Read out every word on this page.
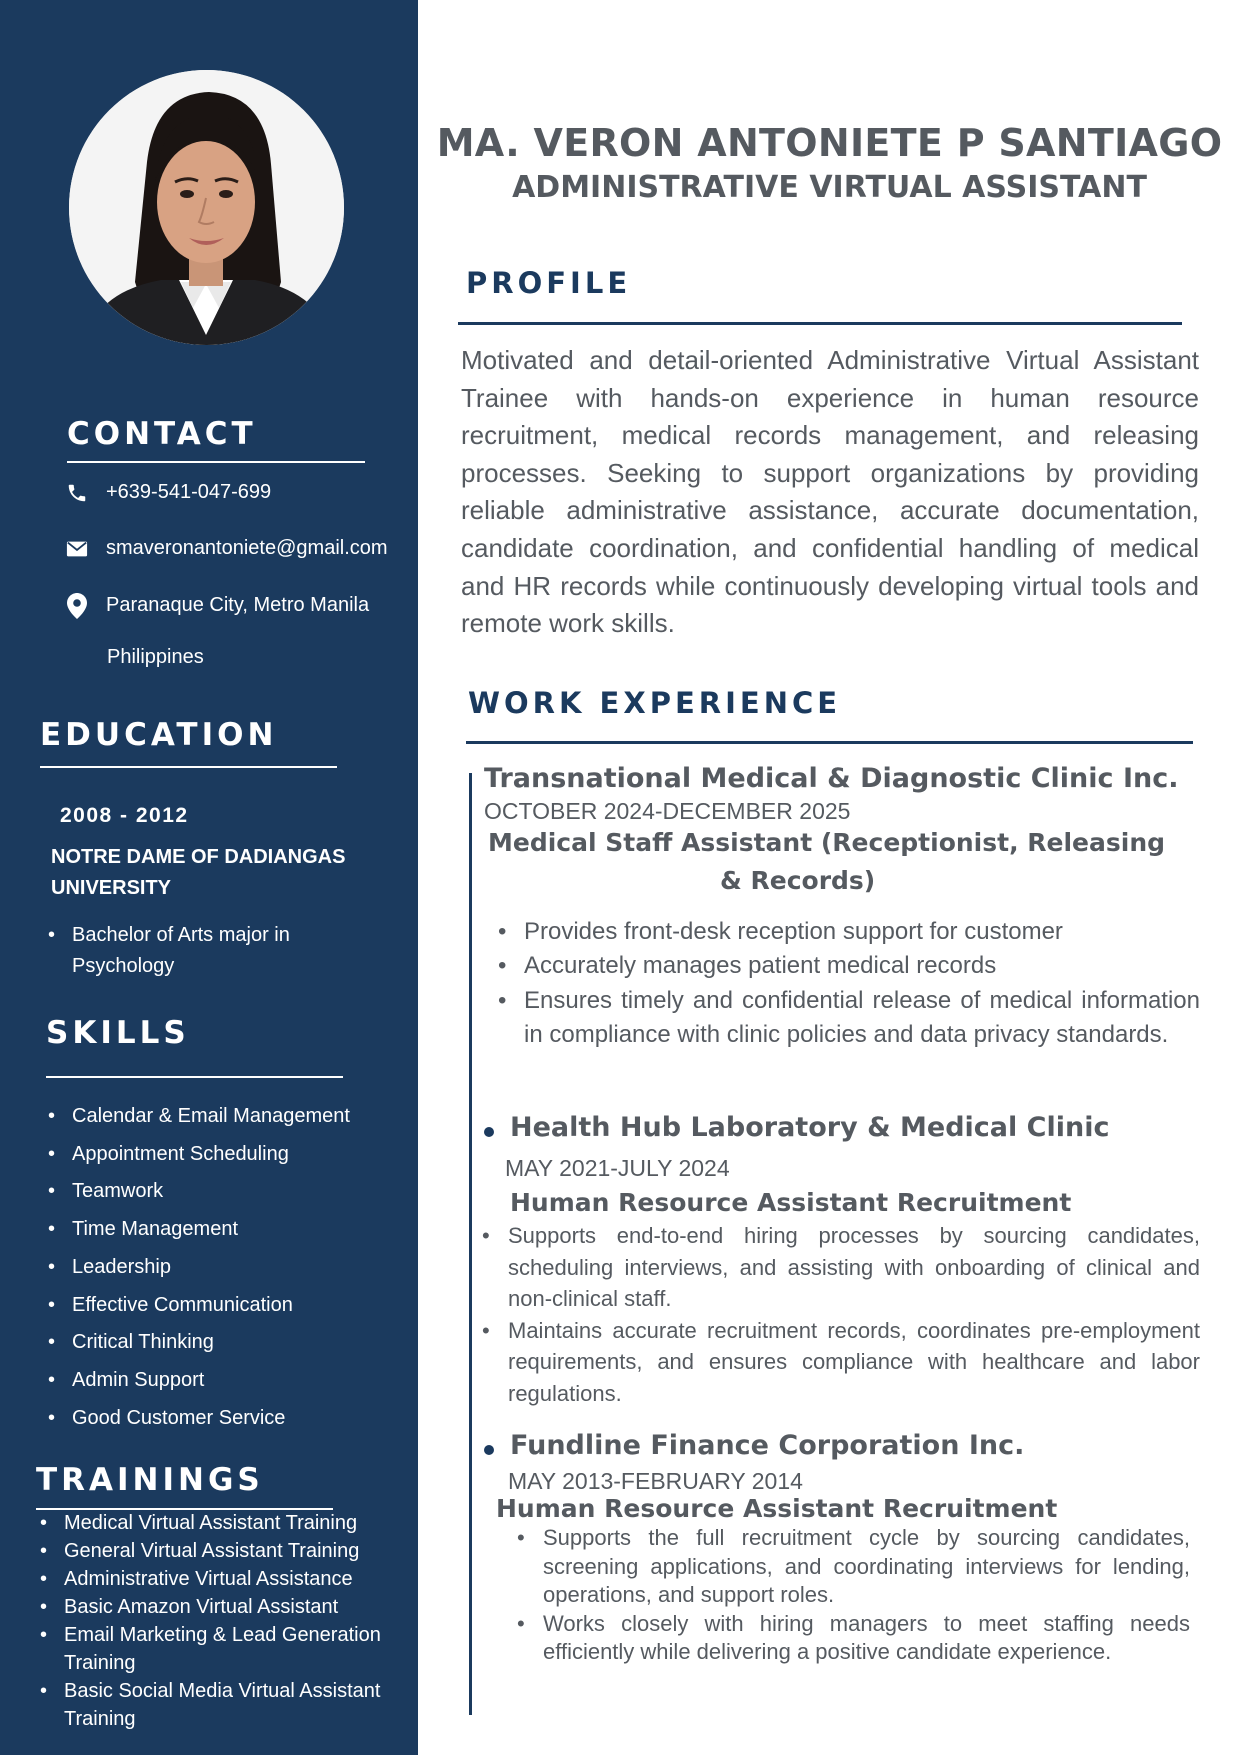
CONTACT
+639-541-047-699
smaveronantoniete@gmail.com
Paranaque City, Metro Manila
Philippines
EDUCATION
2008 - 2012
NOTRE DAME OF DADIANGAS UNIVERSITY
• Bachelor of Arts major in Psychology
SKILLS
• Calendar & Email Management
• Appointment Scheduling
• Teamwork
• Time Management
• Leadership
• Effective Communication
• Critical Thinking
• Admin Support
• Good Customer Service
TRAININGS
• Medical Virtual Assistant Training
• General Virtual Assistant Training
• Administrative Virtual Assistance
• Basic Amazon Virtual Assistant
• Email Marketing & Lead Generation Training
• Basic Social Media Virtual Assistant Training
MA. VERON ANTONIETE P SANTIAGO
ADMINISTRATIVE VIRTUAL ASSISTANT
PROFILE
Motivated and detail-oriented Administrative Virtual Assistant Trainee with hands-on experience in human resource recruitment, medical records management, and releasing processes. Seeking to support organizations by providing reliable administrative assistance, accurate documentation, candidate coordination, and confidential handling of medical and HR records while continuously developing virtual tools and remote work skills.
WORK EXPERIENCE
Transnational Medical & Diagnostic Clinic Inc.
OCTOBER 2024-DECEMBER 2025
Medical Staff Assistant (Receptionist, Releasing
& Records)
• Provides front-desk reception support for customer
• Accurately manages patient medical records
• Ensures timely and confidential release of medical information in compliance with clinic policies and data privacy standards.
Health Hub Laboratory & Medical Clinic
MAY 2021-JULY 2024
Human Resource Assistant Recruitment
• Supports end-to-end hiring processes by sourcing candidates, scheduling interviews, and assisting with onboarding of clinical and non-clinical staff.
• Maintains accurate recruitment records, coordinates pre-employment requirements, and ensures compliance with healthcare and labor regulations.
Fundline Finance Corporation Inc.
MAY 2013-FEBRUARY 2014
Human Resource Assistant Recruitment
• Supports the full recruitment cycle by sourcing candidates, screening applications, and coordinating interviews for lending, operations, and support roles.
• Works closely with hiring managers to meet staffing needs efficiently while delivering a positive candidate experience.
